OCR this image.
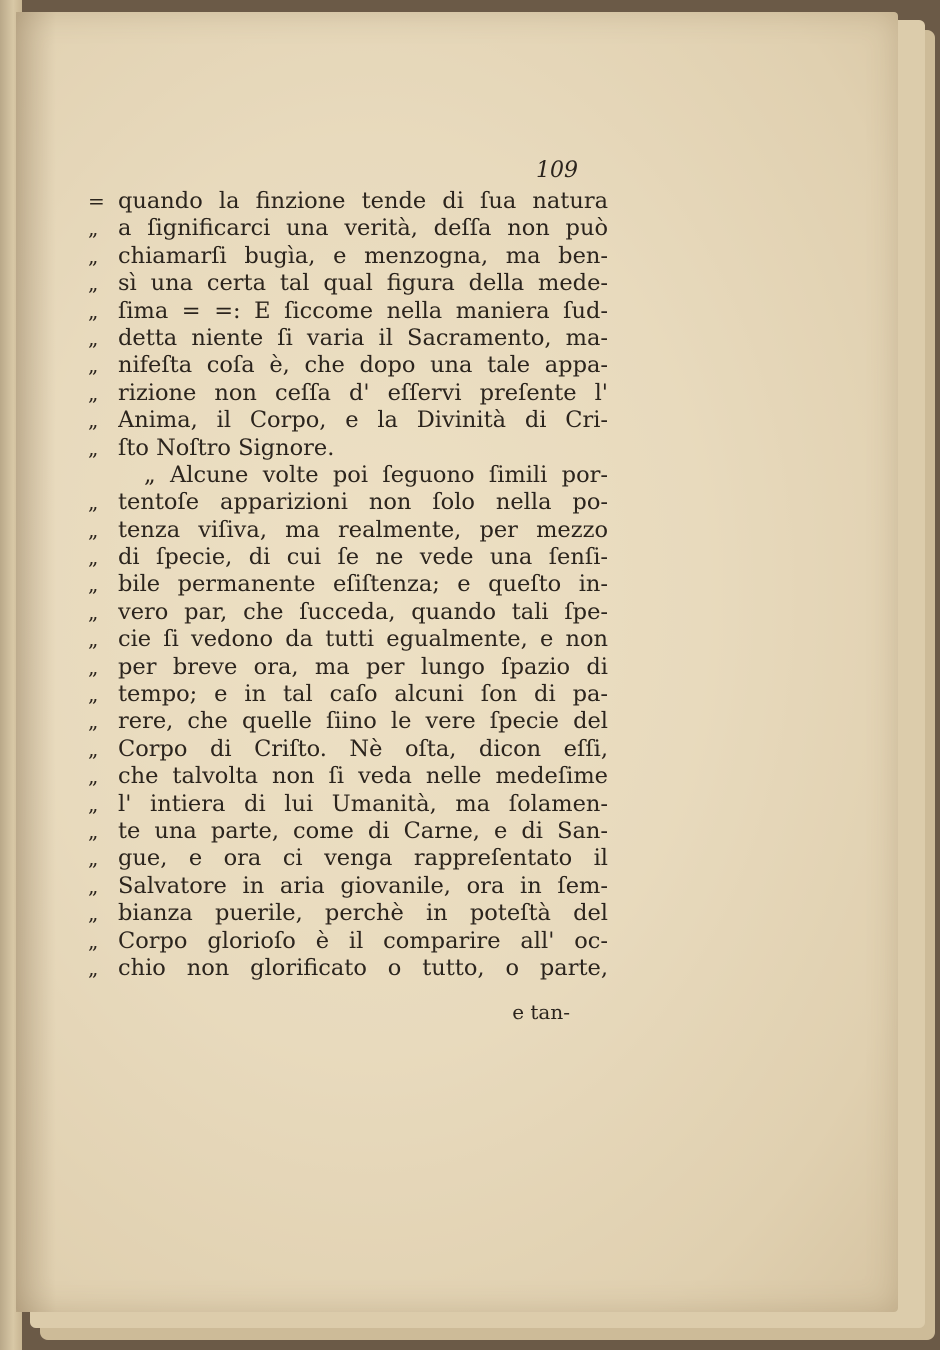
109
= quando la finzione tende di ſua natura
„ a ſignificarci una verità, deſſa non può
„ chiamarſi bugìa, e menzogna, ma ben-
„ sì una certa tal qual figura della mede-
„ ſima = =: E ſiccome nella maniera ſud-
„ detta niente ſi varia il Sacramento, ma-
„ nifeſta coſa è, che dopo una tale appa-
„ rizione non ceſſa d' eſſervi preſente l'
„ Anima, il Corpo, e la Divinità di Cri-
„ ſto Noſtro Signore.
„ Alcune volte poi ſeguono ſimili por-
„ tentoſe apparizioni non ſolo nella po-
„ tenza viſiva, ma realmente, per mezzo
„ di ſpecie, di cui ſe ne vede una ſenſi-
„ bile permanente eſiſtenza; e queſto in-
„ vero par, che ſucceda, quando tali ſpe-
„ cie ſi vedono da tutti egualmente, e non
„ per breve ora, ma per lungo ſpazio di
„ tempo; e in tal caſo alcuni ſon di pa-
„ rere, che quelle ſiino le vere ſpecie del
„ Corpo di Criſto. Nè oſta, dicon eſſi,
„ che talvolta non ſi veda nelle medeſime
„ l' intiera di lui Umanità, ma ſolamen-
„ te una parte, come di Carne, e di San-
„ gue, e ora ci venga rappreſentato il
„ Salvatore in aria giovanile, ora in ſem-
„ bianza puerile, perchè in poteſtà del
„ Corpo glorioſo è il comparire all' oc-
„ chio non glorificato o tutto, o parte,
e tan-
